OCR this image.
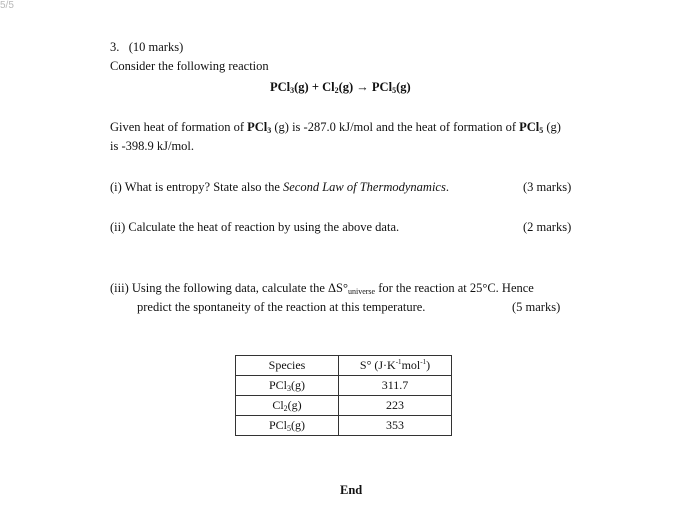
5/5
3. (10 marks)
Consider the following reaction
$PCl_3(g) + Cl_2(g) \to PCl_5(g)$
Given heat of formation of PCl$_3$ (g) is -287.0 kJ/mol and the heat of formation of PCl$_5$ (g)
is -398.9 kJ/mol.
(i) What is entropy? State also the Second Law of Thermodynamics.	(3 marks)
(ii) Calculate the heat of reaction by using the above data.	(2 marks)
(iii) Using the following data, calculate the $\Delta S^\circ_{universe}$ for the reaction at 25°C. Hence
predict the spontaneity of the reaction at this temperature.	(5 marks)
Species	S° $(J\cdot K^{-1}mol^{-1})$
PCl$_3$(g)	311.7
$Cl_2(g)$	223
PCl$_5$(g)	353
End
